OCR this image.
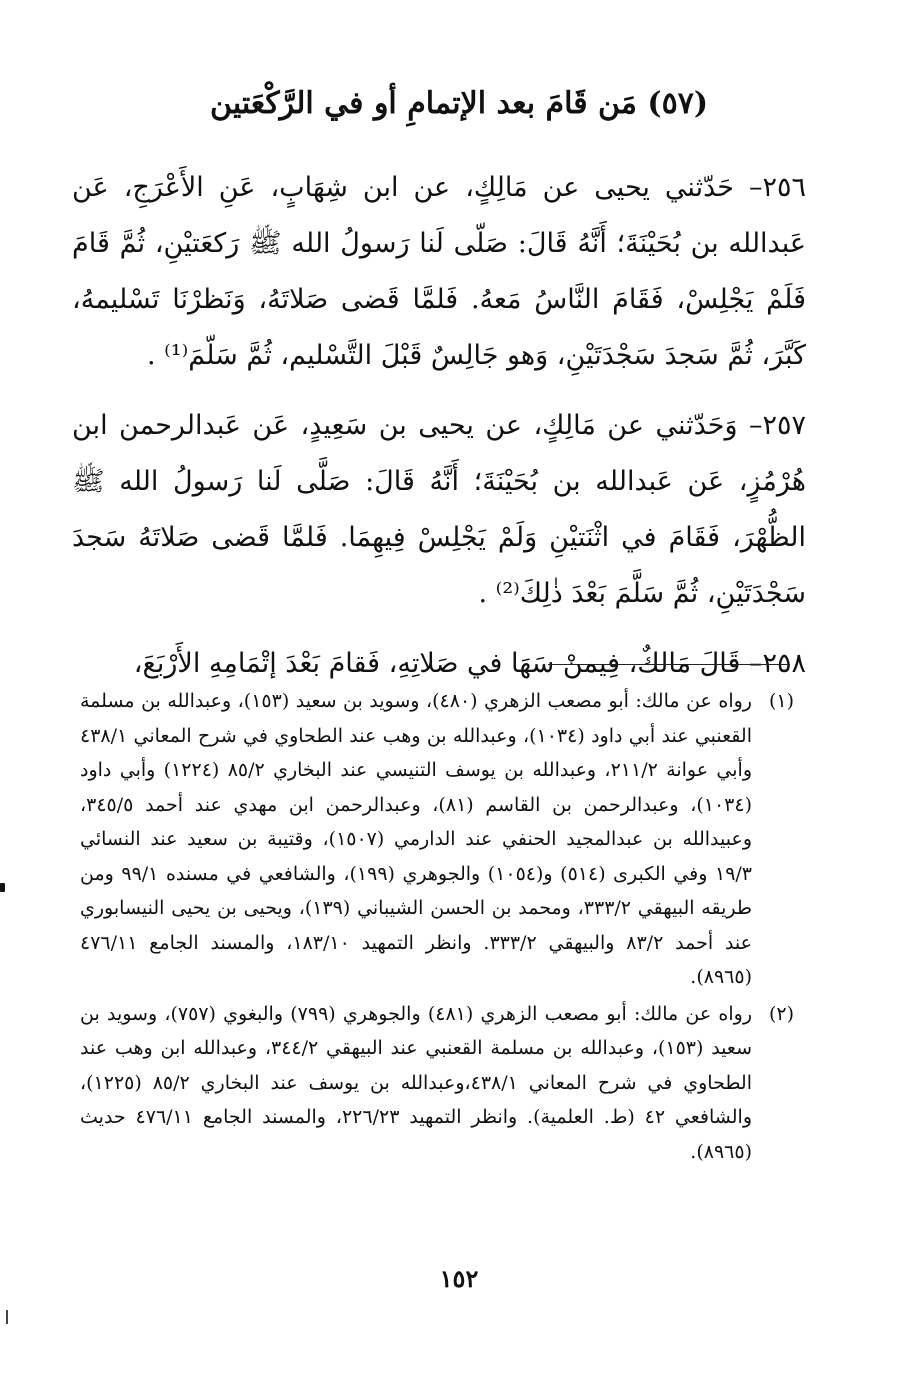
(٥٧) مَن قَامَ بعد الإتمامِ أو في الرَّكْعَتين

٢٥٦– حَدّثني يحيى عن مَالِكٍ، عن ابن شِهَابٍ، عَنِ الأَعْرَجِ، عَن عَبدالله بن بُحَيْنَةَ؛ أَنَّهُ قَالَ: صَلّى لَنا رَسولُ الله ﷺ رَكعَتيْنِ، ثُمَّ قَامَ فَلَمْ يَجْلِسْ، فَقَامَ النَّاسُ مَعهُ. فَلمَّا قَضى صَلاتَهُ، وَنَظرْنَا تَسْليمهُ، كَبَّرَ، ثُمَّ سَجدَ سَجْدَتَيْنِ، وَهو جَالِسٌ قَبْلَ التَّسْليم، ثُمَّ سَلّمَ⁽¹⁾ .

٢٥٧– وَحَدّثني عن مَالِكٍ، عن يحيى بن سَعِيدٍ، عَن عَبدالرحمن ابن هُرْمُزٍ، عَن عَبدالله بن بُحَيْنَةَ؛ أَنَّهُ قَالَ: صَلَّى لَنا رَسولُ الله ﷺ الظُّهْرَ، فَقَامَ في اثْنَتيْنِ وَلَمْ يَجْلِسْ فِيهِمَا. فَلمَّا قَضى صَلاتَهُ سَجدَ سَجْدَتَيْنِ، ثُمَّ سَلَّمَ بَعْدَ ذٰلِكَ⁽²⁾ .

٢٥٨– قَالَ مَالكٌ، فِيمنْ سَهَا في صَلاتِهِ، فَقامَ بَعْدَ إتْمَامِهِ الأَرْبَعَ،

(١)
رواه عن مالك: أبو مصعب الزهري (٤٨٠)، وسويد بن سعيد (١٥٣)، وعبدالله بن مسلمة القعنبي عند أبي داود (١٠٣٤)، وعبدالله بن وهب عند الطحاوي في شرح المعاني ٤٣٨/١ وأبي عوانة ٢١١/٢، وعبدالله بن يوسف التنيسي عند البخاري ٨٥/٢ (١٢٢٤) وأبي داود (١٠٣٤)، وعبدالرحمن بن القاسم (٨١)، وعبدالرحمن ابن مهدي عند أحمد ٣٤٥/٥، وعبيدالله بن عبدالمجيد الحنفي عند الدارمي (١٥٠٧)، وقتيبة بن سعيد عند النسائي ١٩/٣ وفي الكبرى (٥١٤) و(١٠٥٤) والجوهري (١٩٩)، والشافعي في مسنده ٩٩/١ ومن طريقه البيهقي ٣٣٣/٢، ومحمد بن الحسن الشيباني (١٣٩)، ويحيى بن يحيى النيسابوري عند أحمد ٨٣/٢ والبيهقي ٣٣٣/٢. وانظر التمهيد ١٨٣/١٠، والمسند الجامع ٤٧٦/١١ (٨٩٦٥).
(٢)
رواه عن مالك: أبو مصعب الزهري (٤٨١) والجوهري (٧٩٩) والبغوي (٧٥٧)، وسويد بن سعيد (١٥٣)، وعبدالله بن مسلمة القعنبي عند البيهقي ٣٤٤/٢، وعبدالله ابن وهب عند الطحاوي في شرح المعاني ٤٣٨/١،وعبدالله بن يوسف عند البخاري ٨٥/٢ (١٢٢٥)، والشافعي ٤٢ (ط. العلمية). وانظر التمهيد ٢٢٦/٢٣، والمسند الجامع ٤٧٦/١١ حديث (٨٩٦٥).
١٥٢
